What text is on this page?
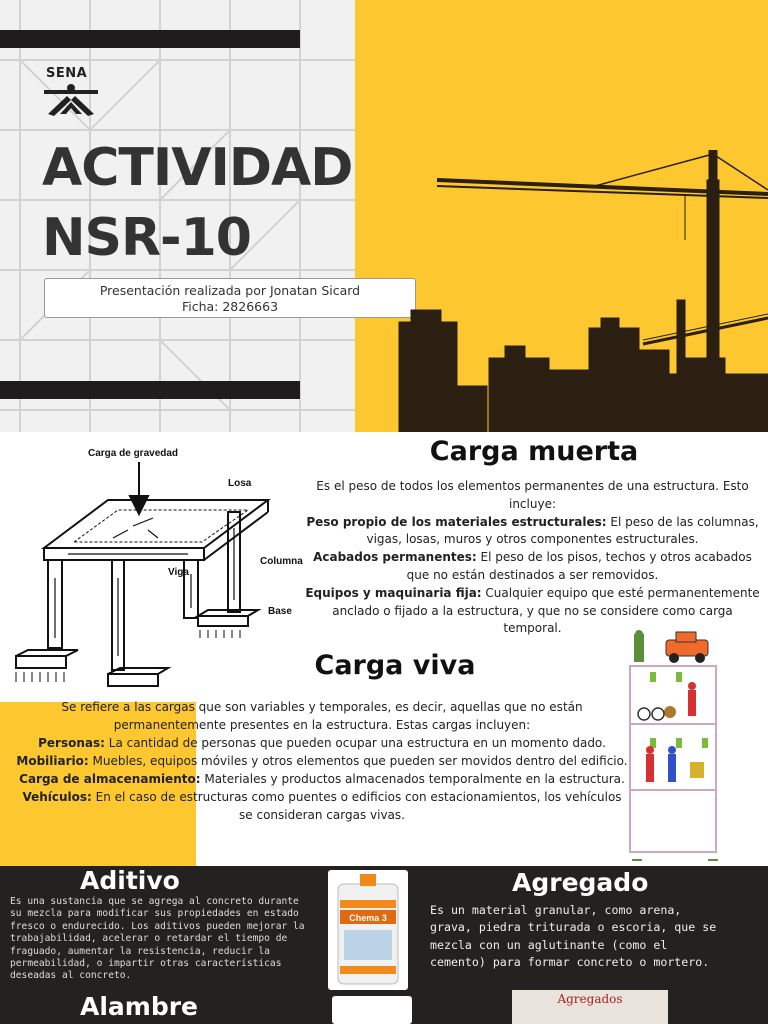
SENA
ACTIVIDAD
NSR-10
Presentación realizada por Jonatan Sicard
Ficha: 2826663
Carga de gravedad
Losa
Columna
Viga
Base
Carga muerta
Es el peso de todos los elementos permanentes de una estructura. Esto incluye:
Peso propio de los materiales estructurales: El peso de las columnas, vigas, losas, muros y otros componentes estructurales.
Acabados permanentes: El peso de los pisos, techos y otros acabados que no están destinados a ser removidos.
Equipos y maquinaria fija: Cualquier equipo que esté permanentemente anclado o fijado a la estructura, y que no se considere como carga temporal.
Carga viva
Se refiere a las cargas que son variables y temporales, es decir, aquellas que no están permanentemente presentes en la estructura. Estas cargas incluyen:
Personas: La cantidad de personas que pueden ocupar una estructura en un momento dado.
Mobiliario: Muebles, equipos móviles y otros elementos que pueden ser movidos dentro del edificio.
Carga de almacenamiento: Materiales y productos almacenados temporalmente en la estructura.
Vehículos: En el caso de estructuras como puentes o edificios con estacionamientos, los vehículos se consideran cargas vivas.
Aditivo
Es una sustancia que se agrega al concreto durante su mezcla para modificar sus propiedades en estado fresco o endurecido. Los aditivos pueden mejorar la trabajabilidad, acelerar o retardar el tiempo de fraguado, aumentar la resistencia, reducir la permeabilidad, o impartir otras características deseadas al concreto.
Alambre
Chema 3
Agregado
Es un material granular, como arena, grava, piedra triturada o escoria, que se mezcla con un aglutinante (como el cemento) para formar concreto o mortero.
Agregados
